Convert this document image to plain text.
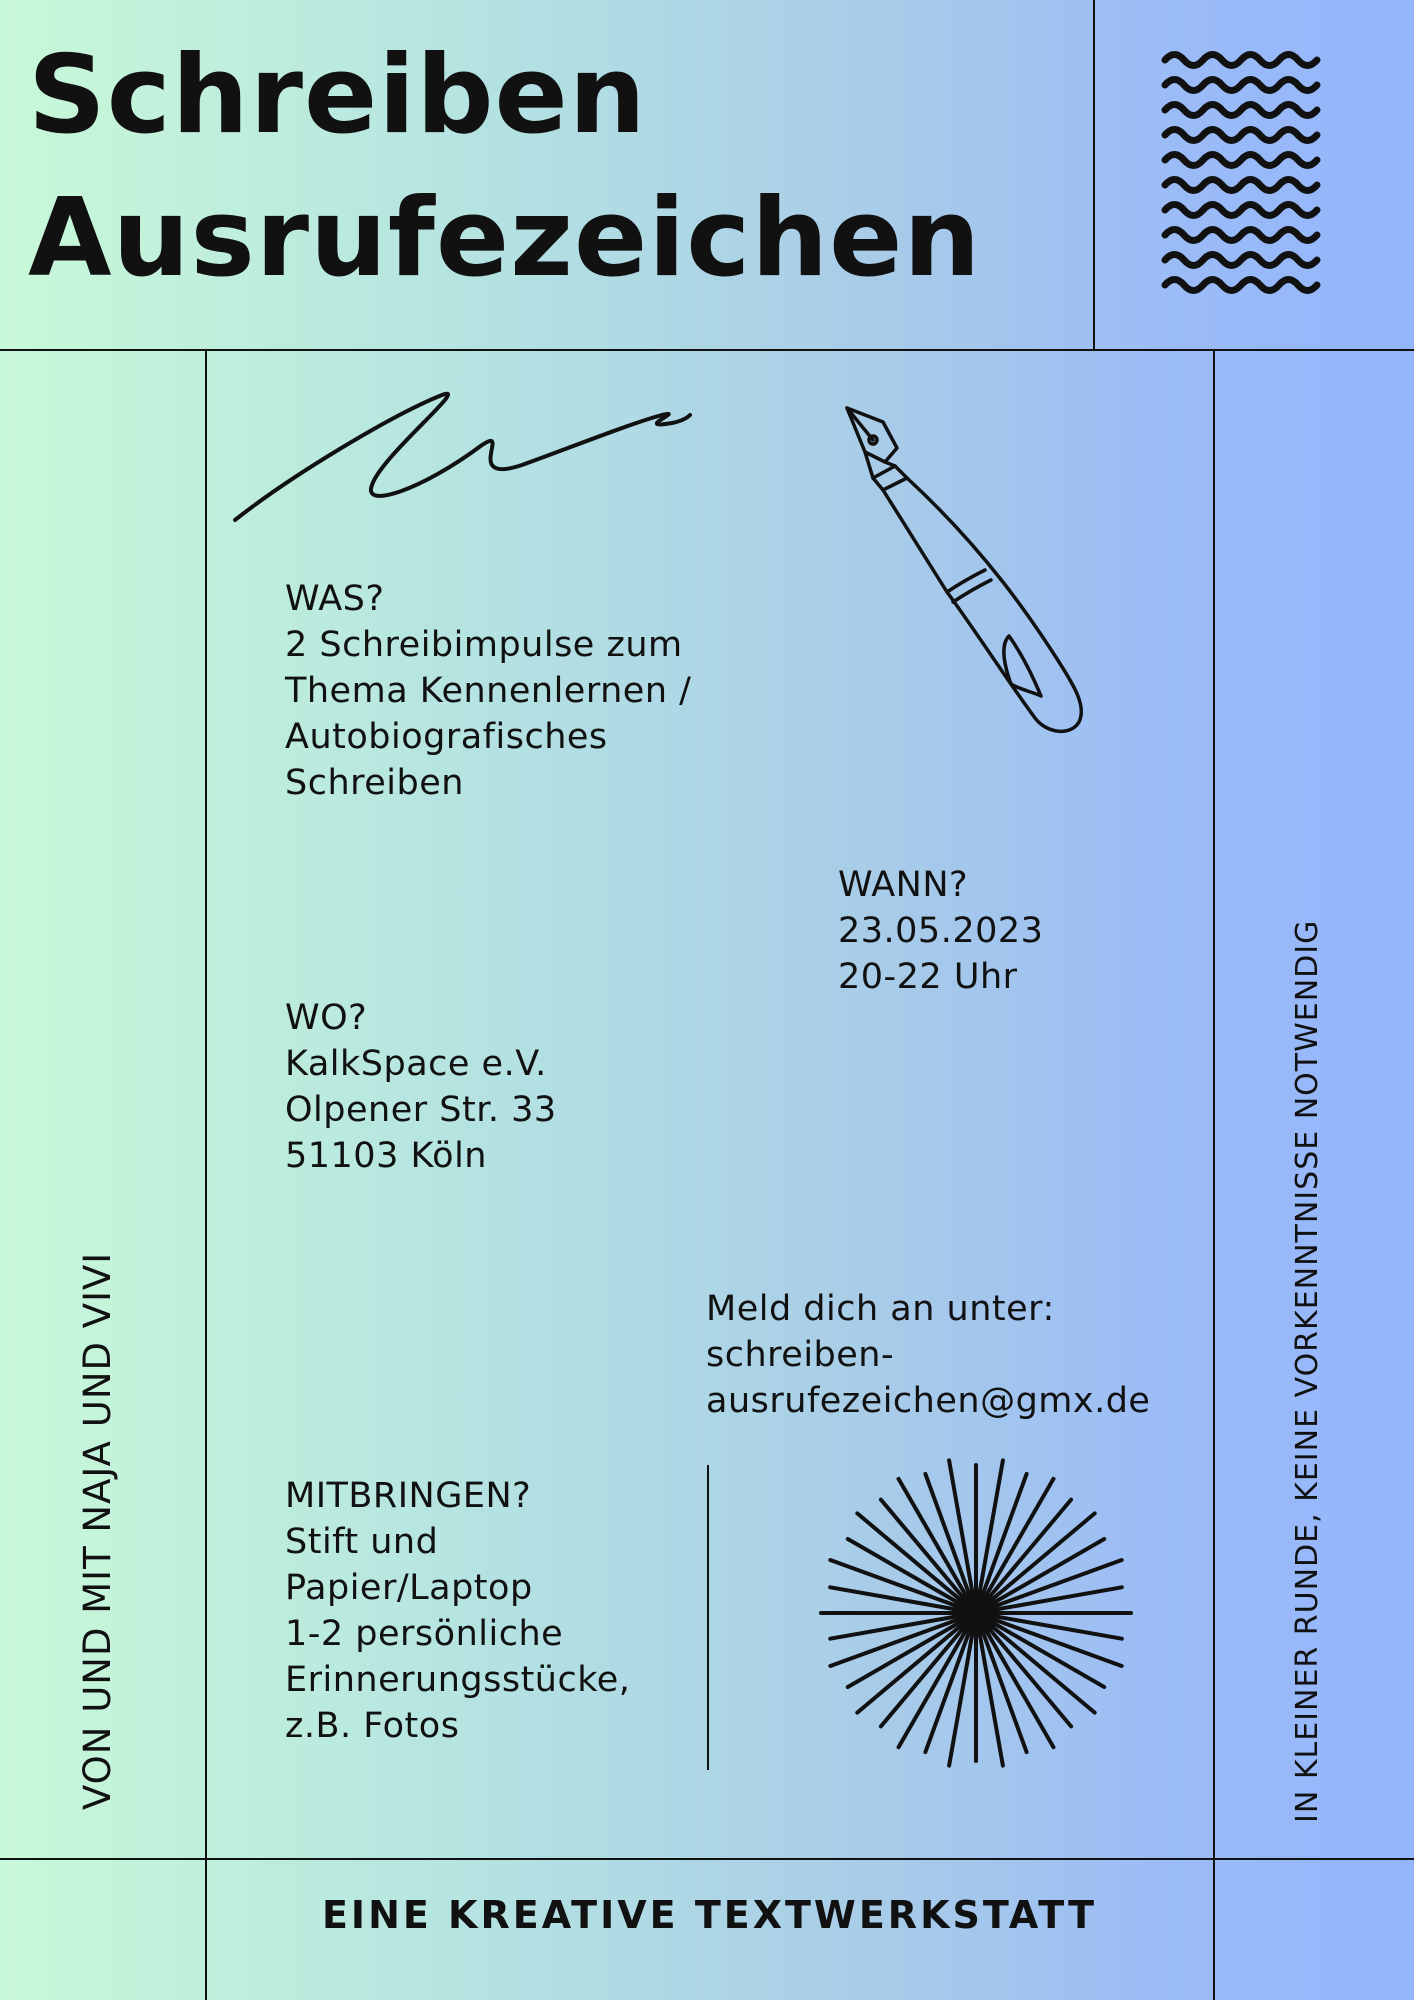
Schreiben
Ausrufezeichen
WAS?
2 Schreibimpulse zum
Thema Kennenlernen /
Autobiografisches
Schreiben
WANN?
23.05.2023
20-22 Uhr
WO?
KalkSpace e.V.
Olpener Str. 33
51103 Köln
Meld dich an unter:
schreiben-
ausrufezeichen@gmx.de
MITBRINGEN?
Stift und
Papier/Laptop
1-2 persönliche
Erinnerungsstücke,
z.B. Fotos
VON UND MIT NAJA UND VIVI	IN KLEINER RUNDE, KEINE VORKENNTNISSE NOTWENDIG
EINE KREATIVE TEXTWERKSTATT
